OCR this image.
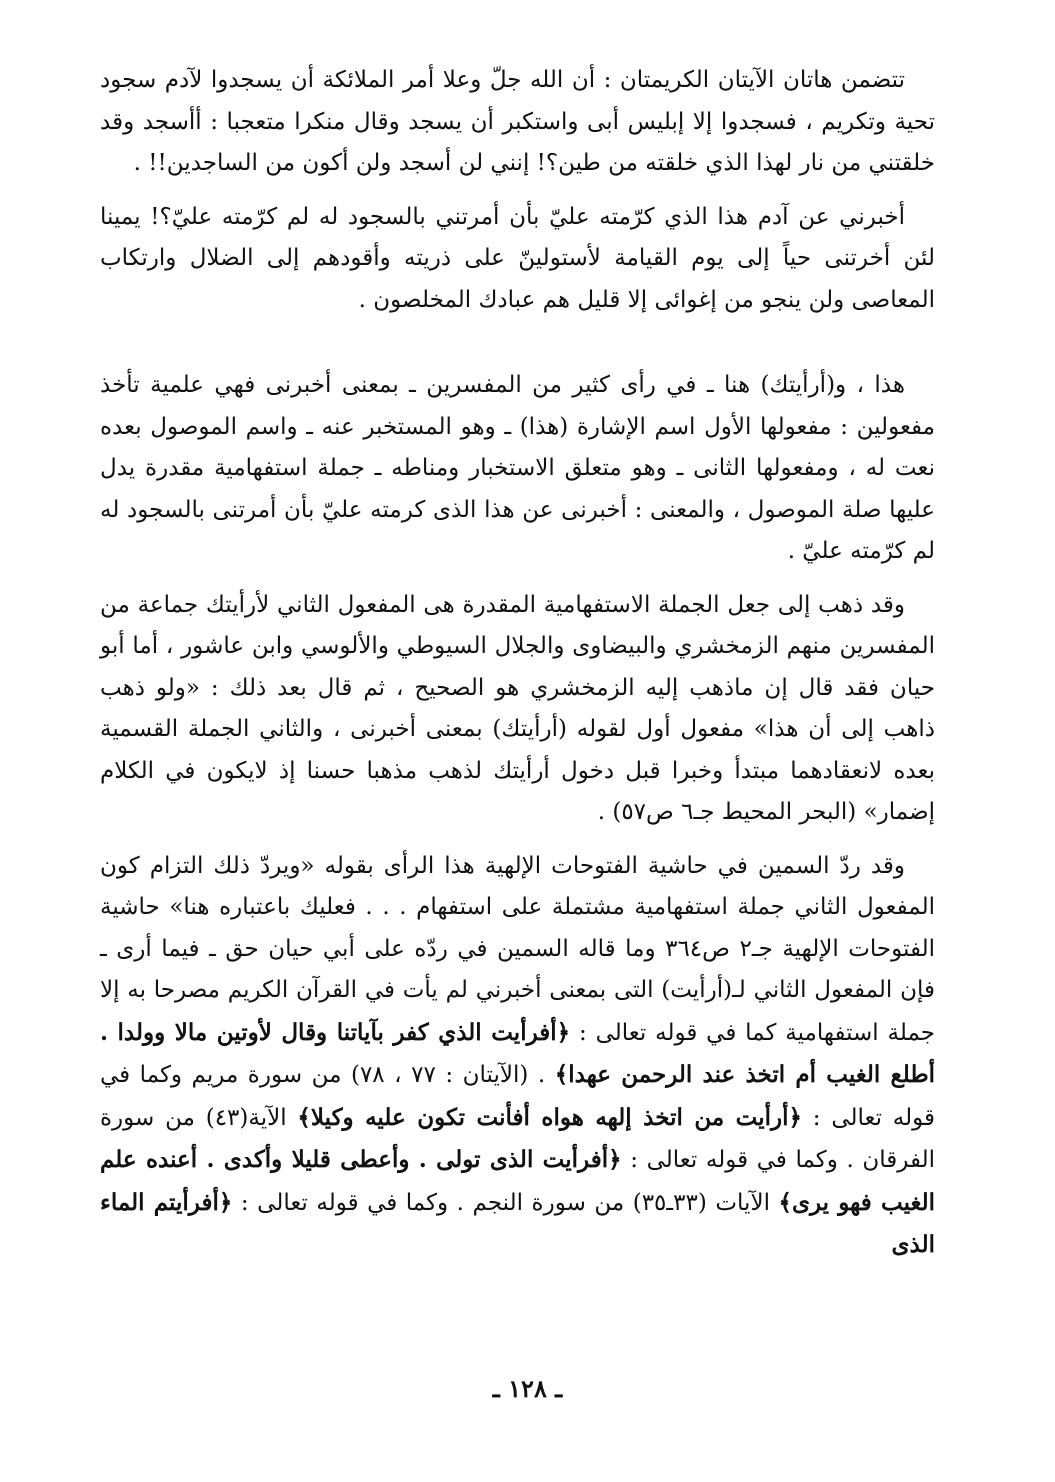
تتضمن هاتان الآيتان الكريمتان : أن الله جلّ وعلا أمر الملائكة أن يسجدوا لآدم سجود تحية وتكريم ، فسجدوا إلا إبليس أبى واستكبر أن يسجد وقال منكرا متعجبا : أأسجد وقد خلقتني من نار لهذا الذي خلقته من طين؟! إنني لن أسجد ولن أكون من الساجدين!! .

أخبرني عن آدم هذا الذي كرّمته عليّ بأن أمرتني بالسجود له لم كرّمته عليّ؟! يمينا لئن أخرتنى حياً إلى يوم القيامة لأستولينّ على ذريته وأقودهم إلى الضلال وارتكاب المعاصى ولن ينجو من إغوائى إلا قليل هم عبادك المخلصون .

هذا ، و(أرأيتك) هنا ـ في رأى كثير من المفسرين ـ بمعنى أخبرنى فهي علمية تأخذ مفعولين : مفعولها الأول اسم الإشارة (هذا) ـ وهو المستخبر عنه ـ واسم الموصول بعده نعت له ، ومفعولها الثانى ـ وهو متعلق الاستخبار ومناطه ـ جملة استفهامية مقدرة يدل عليها صلة الموصول ، والمعنى : أخبرنى عن هذا الذى كرمته عليّ بأن أمرتنى بالسجود له لم كرّمته عليّ .

وقد ذهب إلى جعل الجملة الاستفهامية المقدرة هى المفعول الثاني لأرأيتك جماعة من المفسرين منهم الزمخشري والبيضاوى والجلال السيوطي والألوسي وابن عاشور ، أما أبو حيان فقد قال إن ماذهب إليه الزمخشري هو الصحيح ، ثم قال بعد ذلك : «ولو ذهب ذاهب إلى أن هذا» مفعول أول لقوله (أرأيتك) بمعنى أخبرنى ، والثاني الجملة القسمية بعده لانعقادهما مبتدأ وخبرا قبل دخول أرأيتك لذهب مذهبا حسنا إذ لايكون في الكلام إضمار» (البحر المحيط جـ٦ ص٥٧) .

وقد ردّ السمين في حاشية الفتوحات الإلهية هذا الرأى بقوله «ويردّ ذلك التزام كون المفعول الثاني جملة استفهامية مشتملة على استفهام . . . فعليك باعتباره هنا» حاشية الفتوحات الإلهية جـ٢ ص٣٦٤ وما قاله السمين في ردّه على أبي حيان حق ـ فيما أرى ـ فإن المفعول الثاني لـ(أرأيت) التى بمعنى أخبرني لم يأت في القرآن الكريم مصرحا به إلا جملة استفهامية كما في قوله تعالى : ﴿أفرأيت الذي كفر بآياتنا وقال لأوتين مالا وولدا . أطلع الغيب أم اتخذ عند الرحمن عهدا﴾ . (الآيتان : ٧٧ ، ٧٨) من سورة مريم وكما في قوله تعالى : ﴿أرأيت من اتخذ إلهه هواه أفأنت تكون عليه وكيلا﴾ الآية(٤٣) من سورة الفرقان . وكما في قوله تعالى : ﴿أفرأيت الذى تولى . وأعطى قليلا وأكدى . أعنده علم الغيب فهو يرى﴾ الآيات (٣٣ـ٣٥) من سورة النجم . وكما في قوله تعالى : ﴿أفرأيتم الماء الذى

ـ ١٢٨ ـ
